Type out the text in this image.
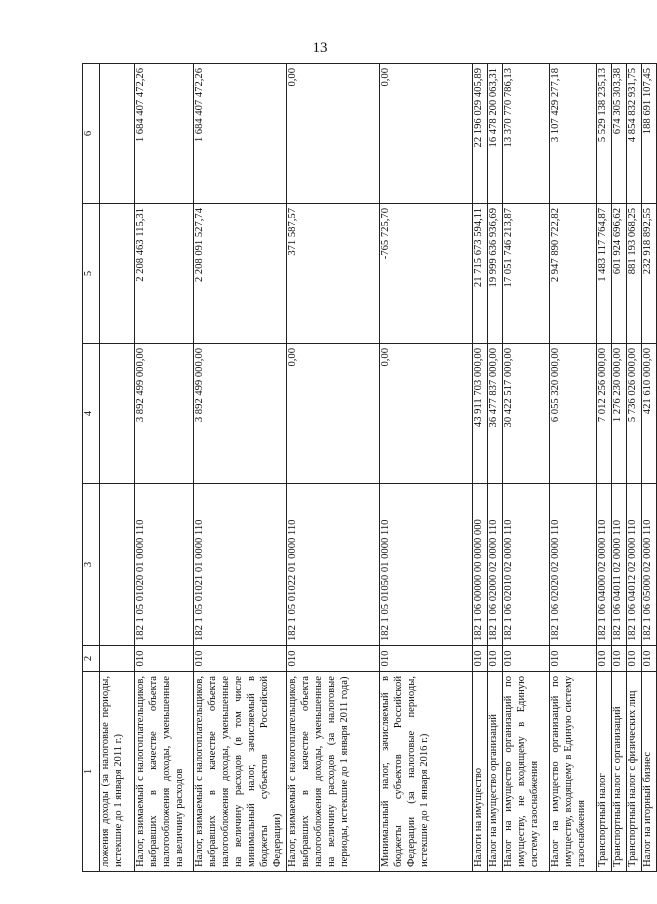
13
1	2	3	4	5	6
ложения доходы (за налоговые периоды, истекшие до 1 января 2011 г.)					
Налог, взимаемый с налогоплательщиков, выбравших в качестве объекта налогообложения доходы, уменьшенные на величину расходов	010	182 1 05 01020 01 0000 110	3 892 499 000,00	2 208 463 115,31	1 684 407 472,26
Налог, взимаемый с налогоплательщиков, выбравших в качестве объекта налогообложения доходы, уменьшенные на величину расходов (в том числе минимальный налог, зачисляемый в бюджеты субъектов Российской Федерации)	010	182 1 05 01021 01 0000 110	3 892 499 000,00	2 208 091 527,74	1 684 407 472,26
Налог, взимаемый с налогоплательщиков, выбравших в качестве объекта налогообложения доходы, уменьшенные на величину расходов (за налоговые периоды, истекшие до 1 января 2011 года)	010	182 1 05 01022 01 0000 110	0,00	371 587,57	0,00
Минимальный налог, зачисляемый в бюджеты субъектов Российской Федерации (за налоговые периоды, истекшие до 1 января 2016 г.)	010	182 1 05 01050 01 0000 110	0,00	-765 725,70	0,00
Налоги на имущество	010	182 1 06 00000 00 0000 000	43 911 703 000,00	21 715 673 594,11	22 196 029 405,89
Налог на имущество организаций	010	182 1 06 02000 02 0000 110	36 477 837 000,00	19 999 636 936,69	16 478 200 063,31
Налог на имущество организаций по имуществу, не входящему в Единую систему газоснабжения	010	182 1 06 02010 02 0000 110	30 422 517 000,00	17 051 746 213,87	13 370 770 786,13
Налог на имущество организаций по имуществу, входящему в Единую систему газоснабжения	010	182 1 06 02020 02 0000 110	6 055 320 000,00	2 947 890 722,82	3 107 429 277,18
Транспортный налог	010	182 1 06 04000 02 0000 110	7 012 256 000,00	1 483 117 764,87	5 529 138 235,13
Транспортный налог с организаций	010	182 1 06 04011 02 0000 110	1 276 230 000,00	601 924 696,62	674 305 303,38
Транспортный налог с физических лиц	010	182 1 06 04012 02 0000 110	5 736 026 000,00	881 193 068,25	4 854 832 931,75
Налог на игорный бизнес	010	182 1 06 05000 02 0000 110	421 610 000,00	232 918 892,55	188 691 107,45
